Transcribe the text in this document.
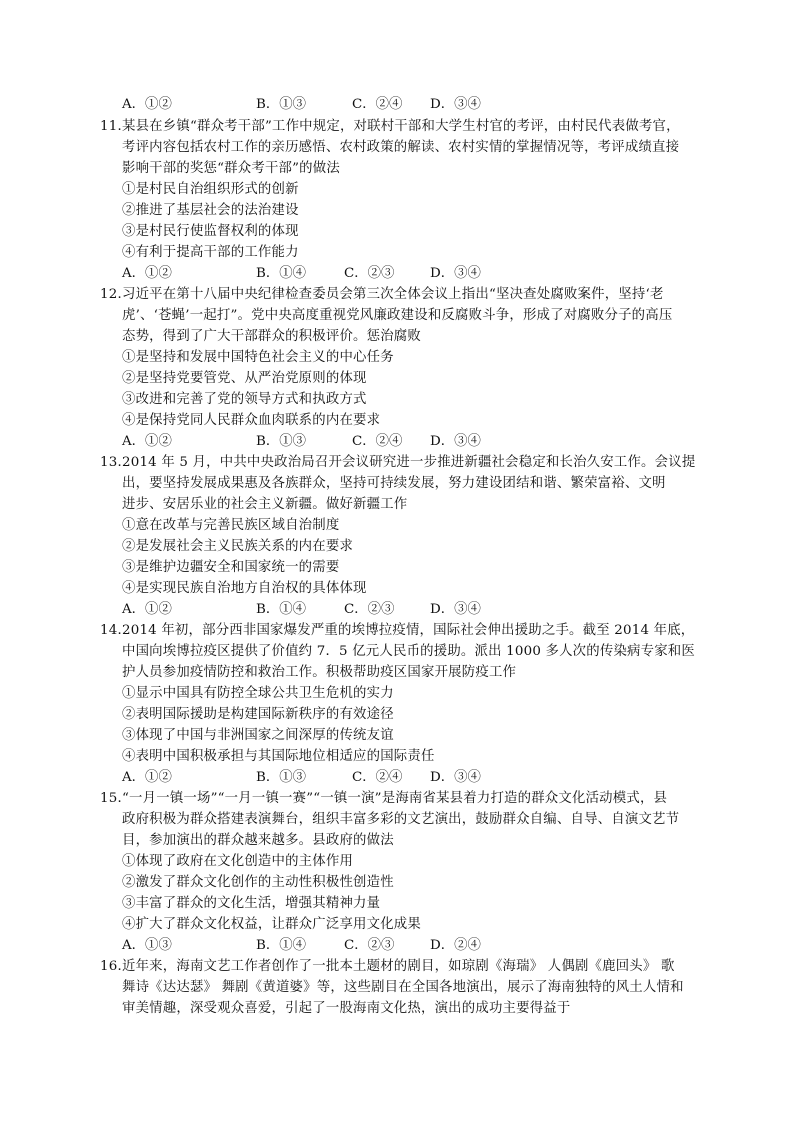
A．①②	B．①③	C．②④ D．③④
11．某县在乡镇“群众考干部”工作中规定，对联村干部和大学生村官的考评，由村民代表做考官，
考评内容包括农村工作的亲历感悟、农村政策的解读、农村实情的掌握情况等，考评成绩直接
影响干部的奖惩“群众考干部”的做法
①是村民自治组织形式的创新
②推进了基层社会的法治建设
③是村民行使监督权利的体现
④有利于提高干部的工作能力
A．①②	B．①④	C．②③	D．③④
12．习近平在第十八届中央纪律检查委员会第三次全体会议上指出“坚决查处腐败案件，坚持‘老
虎’、‘苍蝇’一起打”。党中央高度重视党风廉政建设和反腐败斗争，形成了对腐败分子的高压
态势，得到了广大干部群众的积极评价。惩治腐败
①是坚持和发展中国特色社会主义的中心任务
②是坚持党要管党、从严治党原则的体现
③改进和完善了党的领导方式和执政方式
④是保持党同人民群众血肉联系的内在要求
A．①②	B．①③	C．②④ D．③④
13．2014 年 5 月，中共中央政治局召开会议研究进一步推进新疆社会稳定和长治久安工作。会议提
出，要坚持发展成果惠及各族群众，坚持可持续发展，努力建设团结和谐、繁荣富裕、文明
进步、安居乐业的社会主义新疆。做好新疆工作
①意在改革与完善民族区域自治制度
②是发展社会主义民族关系的内在要求
③是维护边疆安全和国家统一的需要
④是实现民族自治地方自治权的具体体现
A．①②	B．①④	C．②③	D．③④
14．2014 年初，部分西非国家爆发严重的埃博拉疫情，国际社会伸出援助之手。截至 2014 年底，
中国向埃博拉疫区提供了价值约 7．5 亿元人民币的援助。派出 1000 多人次的传染病专家和医
护人员参加疫情防控和救治工作。积极帮助疫区国家开展防疫工作
①显示中国具有防控全球公共卫生危机的实力
②表明国际援助是构建国际新秩序的有效途径
③体现了中国与非洲国家之间深厚的传统友谊
④表明中国积极承担与其国际地位相适应的国际责任
A．①②	B．①③	C．②④ D．③④
15．“一月一镇一场”“一月一镇一赛”“一镇一演”是海南省某县着力打造的群众文化活动模式，县
政府积极为群众搭建表演舞台，组织丰富多彩的文艺演出，鼓励群众自编、自导、自演文艺节
目，参加演出的群众越来越多。县政府的做法
①体现了政府在文化创造中的主体作用
②激发了群众文化创作的主动性积极性创造性
③丰富了群众的文化生活，增强其精神力量
④扩大了群众文化权益，让群众广泛享用文化成果
A．①③	B．①④	C．②③	D．②④
16．近年来，海南文艺工作者创作了一批本土题材的剧目，如琼剧《海瑞》 人偶剧《鹿回头》 歌
舞诗《达达瑟》 舞剧《黄道婆》等，这些剧目在全国各地演出，展示了海南独特的风土人情和
审美情趣，深受观众喜爱，引起了一股海南文化热，演出的成功主要得益于
